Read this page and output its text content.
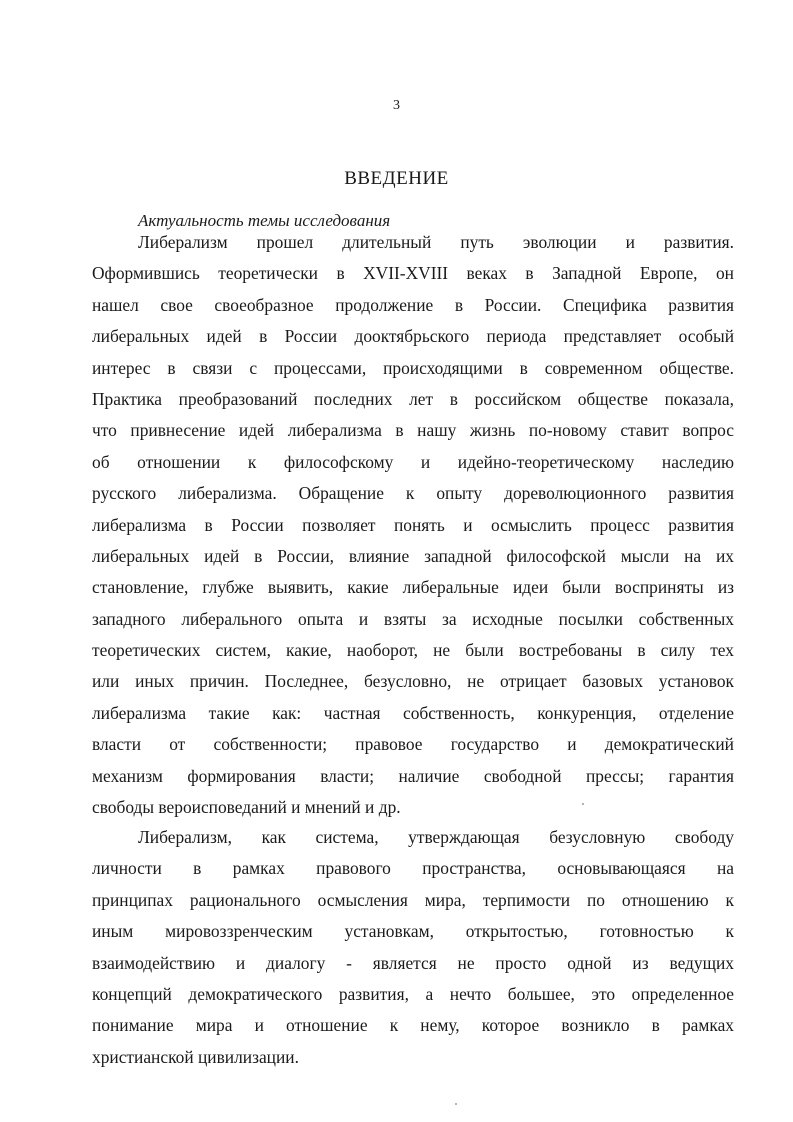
3
ВВЕДЕНИЕ
Актуальность темы исследования
Либерализм прошел длительный путь эволюции и развития.
Оформившись теоретически в XVII-XVIII веках в Западной Европе, он
нашел свое своеобразное продолжение в России. Специфика развития
либеральных идей в России дооктябрьского периода представляет особый
интерес в связи с процессами, происходящими в современном обществе.
Практика преобразований последних лет в российском обществе показала,
что привнесение идей либерализма в нашу жизнь по-новому ставит вопрос
об отношении к философскому и идейно-теоретическому наследию
русского либерализма. Обращение к опыту дореволюционного развития
либерализма в России позволяет понять и осмыслить процесс развития
либеральных идей в России, влияние западной философской мысли на их
становление, глубже выявить, какие либеральные идеи были восприняты из
западного либерального опыта и взяты за исходные посылки собственных
теоретических систем, какие, наоборот, не были востребованы в силу тех
или иных причин. Последнее, безусловно, не отрицает базовых установок
либерализма такие как: частная собственность, конкуренция, отделение
власти от собственности; правовое государство и демократический
механизм формирования власти; наличие свободной прессы; гарантия
свободы вероисповеданий и мнений и др.
Либерализм, как система, утверждающая безусловную свободу
личности в рамках правового пространства, основывающаяся на
принципах рационального осмысления мира, терпимости по отношению к
иным мировоззренческим установкам, открытостью, готовностью к
взаимодействию и диалогу - является не просто одной из ведущих
концепций демократического развития, а нечто большее, это определенное
понимание мира и отношение к нему, которое возникло в рамках
христианской цивилизации.
